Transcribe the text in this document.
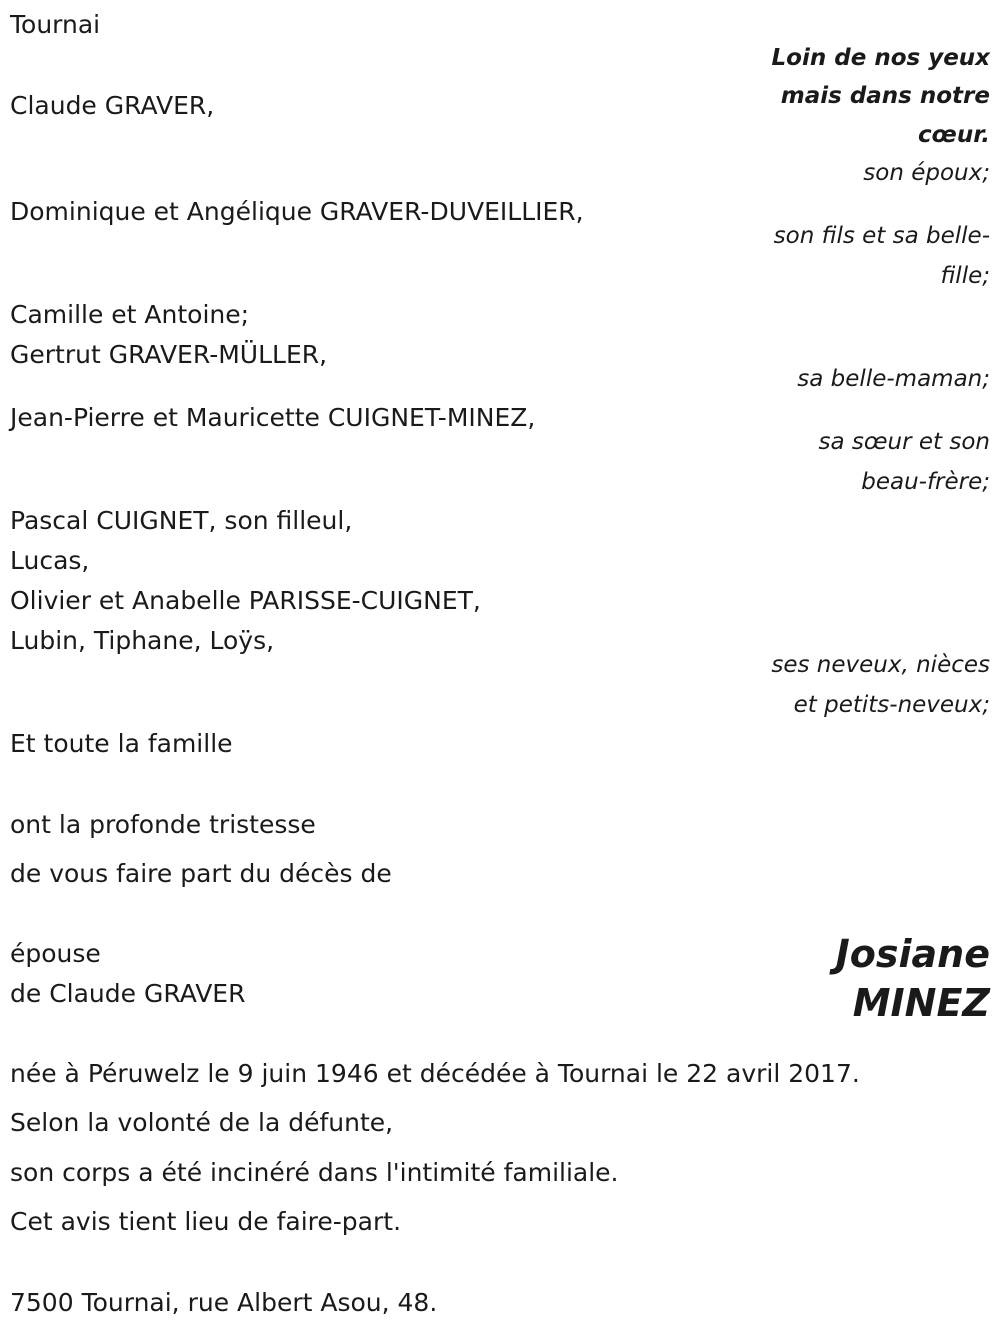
Tournai
Claude GRAVER,
Dominique et Angélique GRAVER-DUVEILLIER,
Camille et Antoine;
Gertrut GRAVER-MÜLLER,
Jean-Pierre et Mauricette CUIGNET-MINEZ,
Pascal CUIGNET, son filleul,
Lucas,
Olivier et Anabelle PARISSE-CUIGNET,
Lubin, Tiphane, Loÿs,
Et toute la famille
ont la profonde tristesse
de vous faire part du décès de
épouse
de Claude GRAVER
née à Péruwelz le 9 juin 1946 et décédée à Tournai le 22 avril 2017.
Selon la volonté de la défunte,
son corps a été incinéré dans l'intimité familiale.
Cet avis tient lieu de faire-part.
7500 Tournai, rue Albert Asou, 48.
Loin de nos yeux
mais dans notre
cœur.
son époux;
son fils et sa belle-
fille;
sa belle-maman;
sa sœur et son
beau-frère;
ses neveux, nièces
et petits-neveux;
Josiane
MINEZ
